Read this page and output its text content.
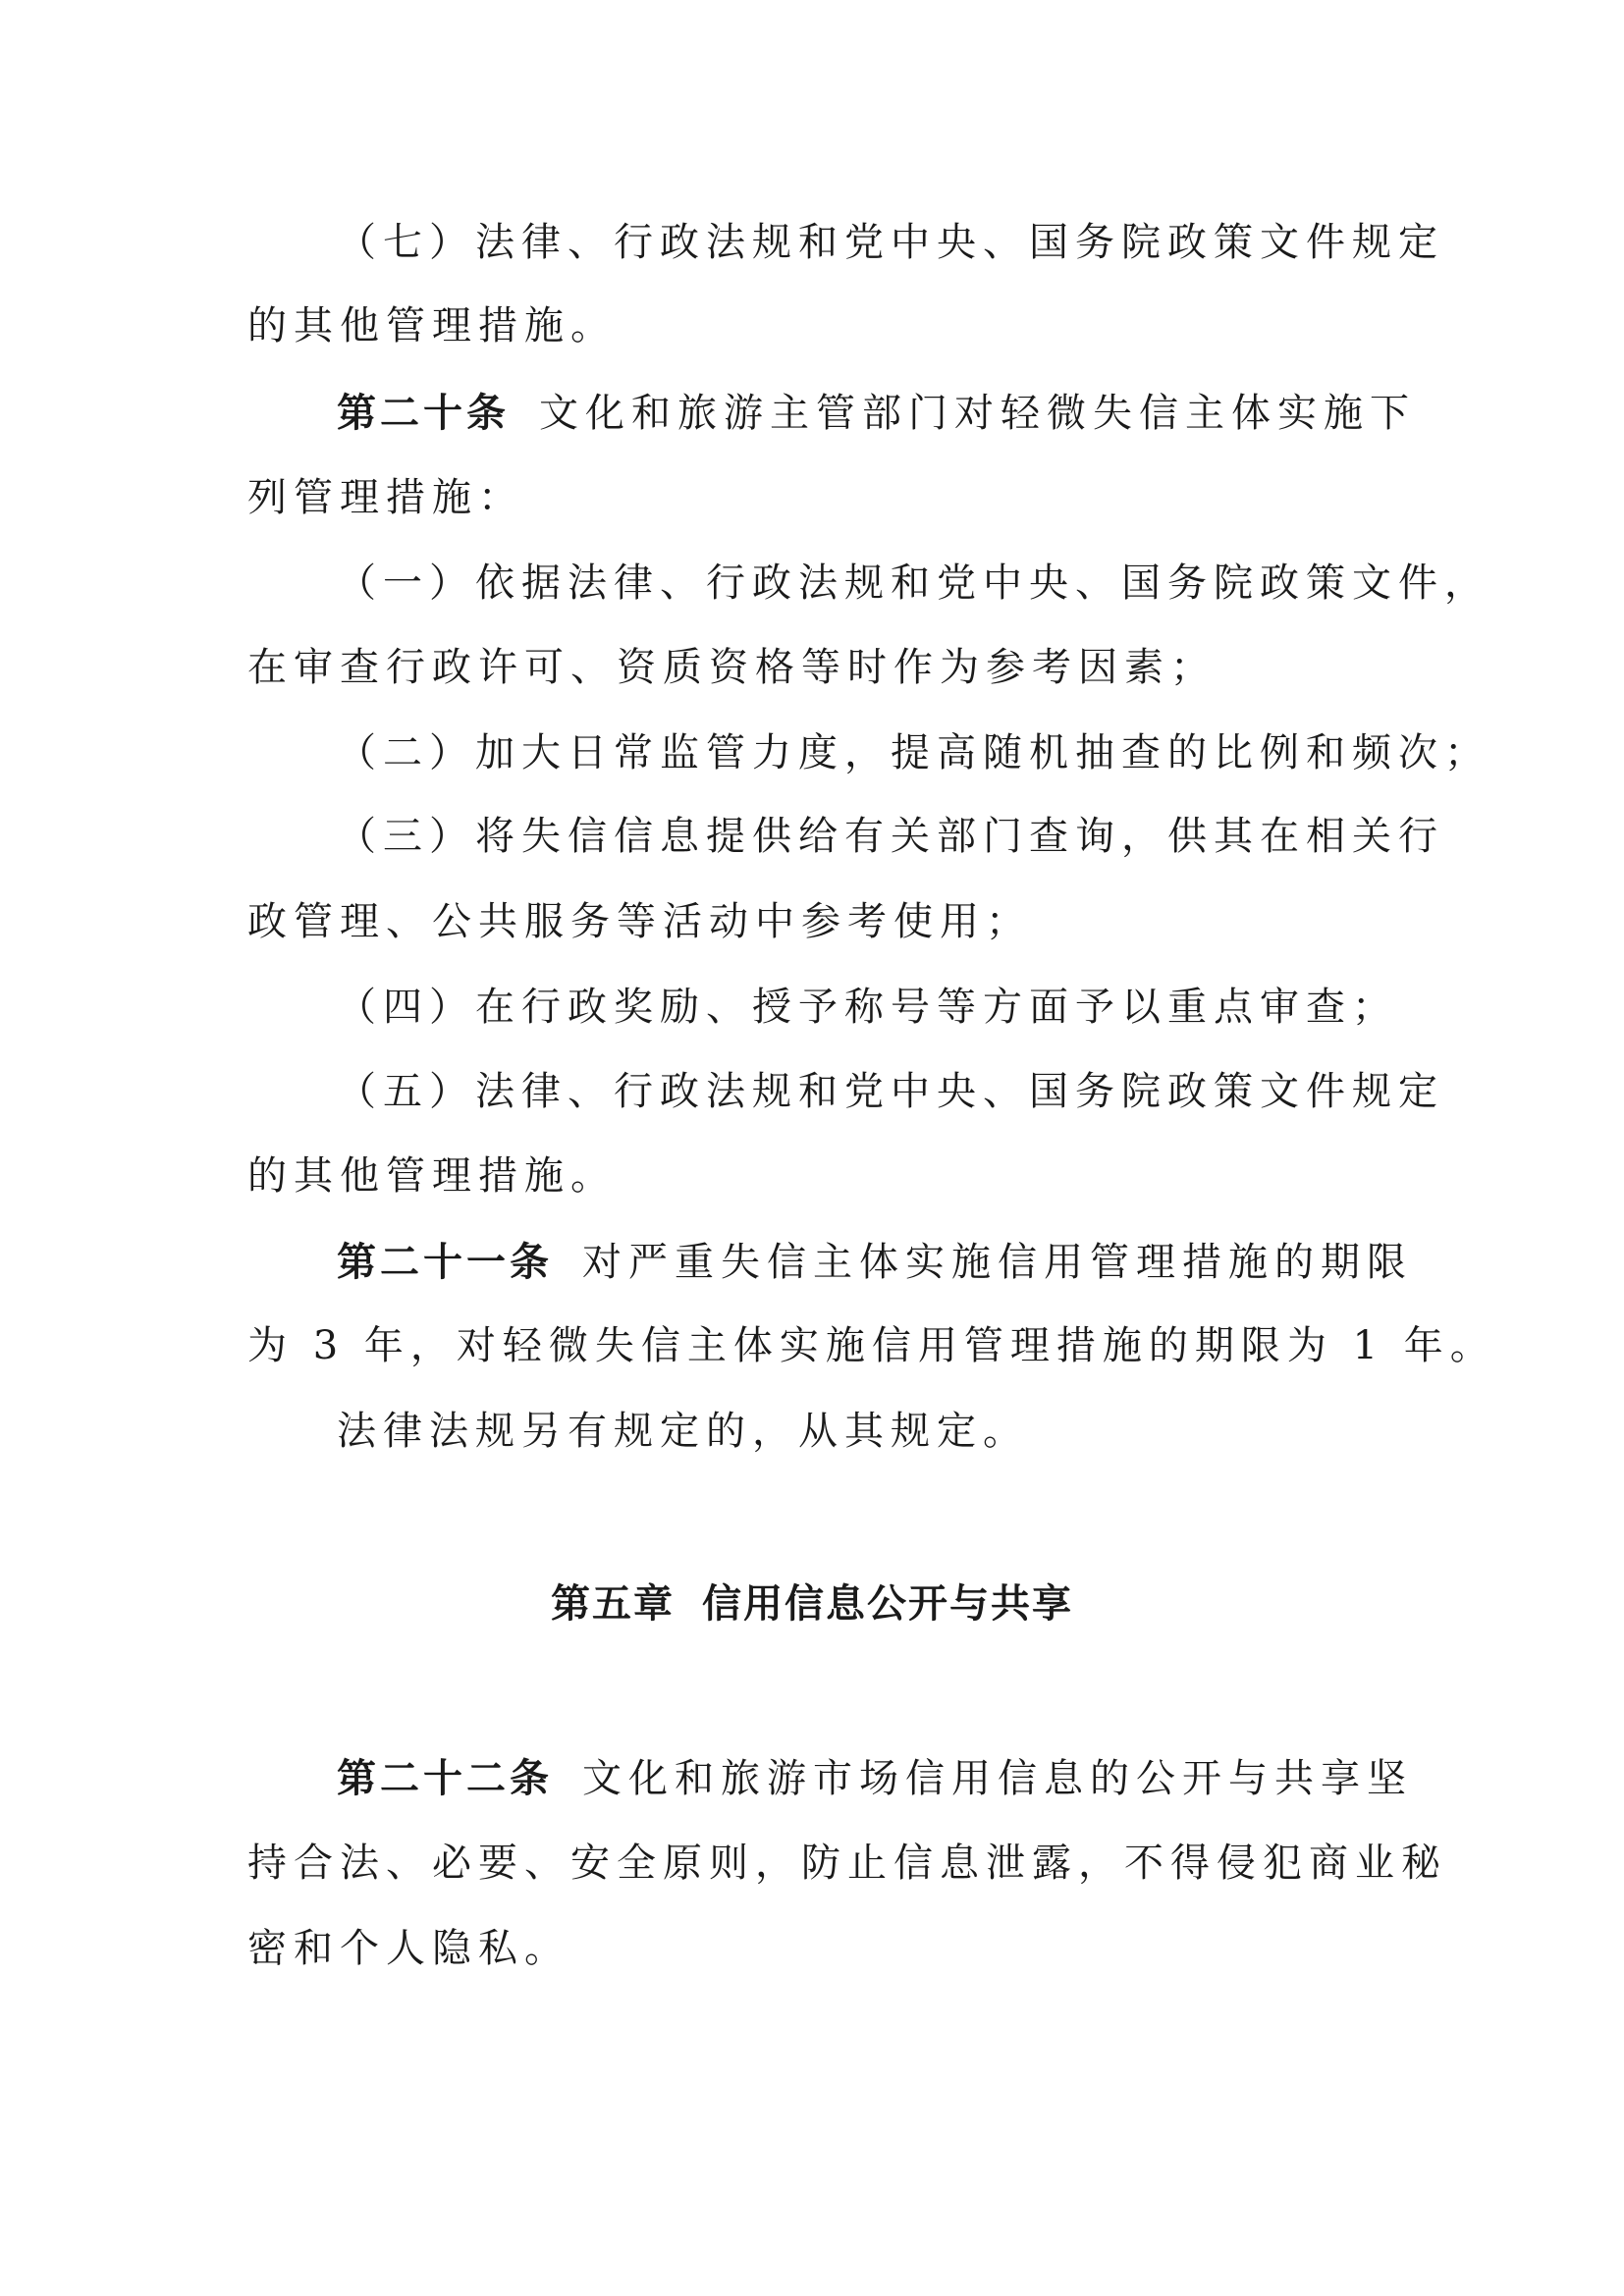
（七）法律、行政法规和党中央、国务院政策文件规定
的其他管理措施。
第二十条 文化和旅游主管部门对轻微失信主体实施下
列管理措施：
（一）依据法律、行政法规和党中央、国务院政策文件，
在审查行政许可、资质资格等时作为参考因素；
（二）加大日常监管力度，提高随机抽查的比例和频次；
（三）将失信信息提供给有关部门查询，供其在相关行
政管理、公共服务等活动中参考使用；
（四）在行政奖励、授予称号等方面予以重点审查；
（五）法律、行政法规和党中央、国务院政策文件规定
的其他管理措施。
第二十一条 对严重失信主体实施信用管理措施的期限
为 3 年，对轻微失信主体实施信用管理措施的期限为 1 年。
法律法规另有规定的，从其规定。
第五章 信用信息公开与共享
第二十二条 文化和旅游市场信用信息的公开与共享坚
持合法、必要、安全原则，防止信息泄露，不得侵犯商业秘
密和个人隐私。
